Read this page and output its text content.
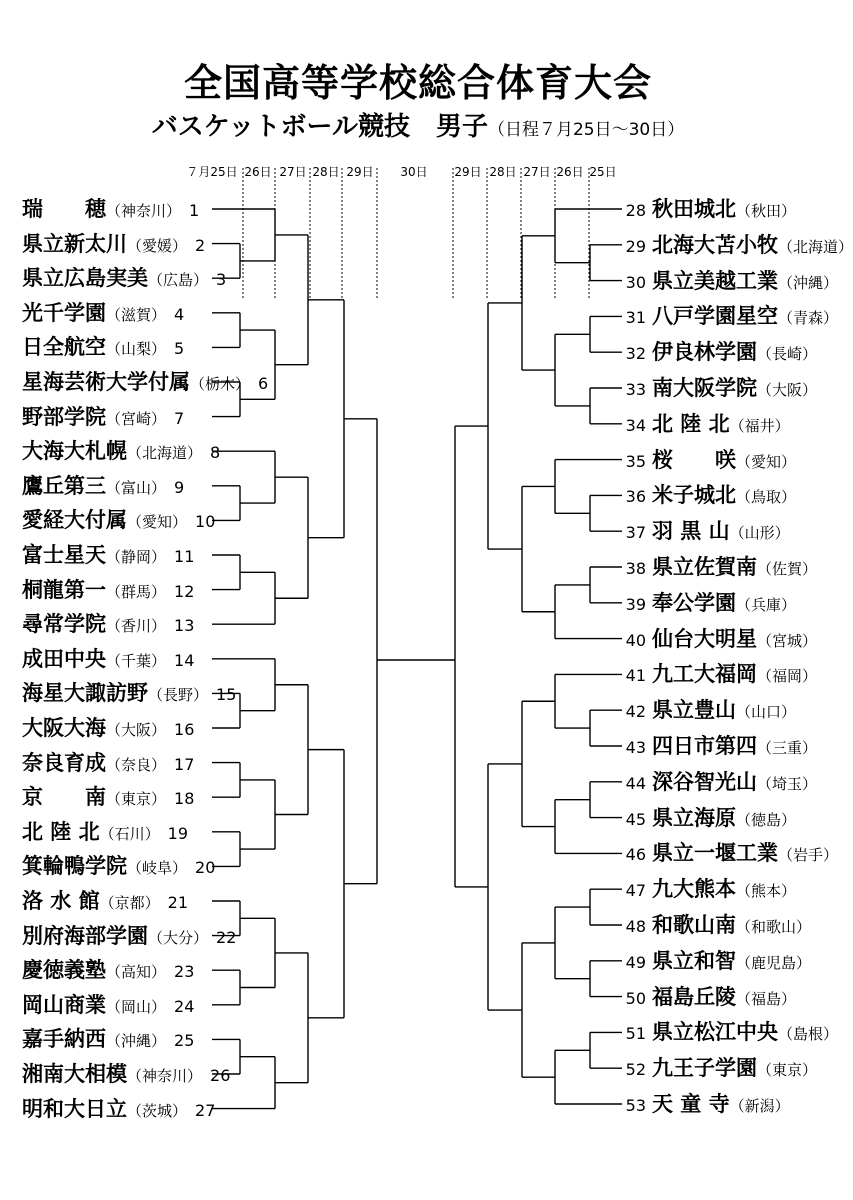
全国高等学校総合体育大会
バスケットボール競技　男子（日程７月25日～30日）
７月25日 26日 27日 28日 29日 30日 29日 28日 27日 26日 25日
瑞　　穂（神奈川） 1
県立新太川（愛媛） 2
県立広島実美（広島） 3
光千学園（滋賀） 4
日全航空（山梨） 5
星海芸術大学付属（栃木） 6
野部学院（宮崎） 7
大海大札幌（北海道） 8
鷹丘第三（富山） 9
愛経大付属（愛知） 10
富士星天（静岡） 11
桐龍第一（群馬） 12
尋常学院（香川） 13
成田中央（千葉） 14
海星大諏訪野（長野） 15
大阪大海（大阪） 16
奈良育成（奈良） 17
京　　南（東京） 18
北 陸 北（石川） 19
箕輪鴨学院（岐阜） 20
洛 水 館（京都） 21
別府海部学園（大分） 22
慶徳義塾（高知） 23
岡山商業（岡山） 24
嘉手納西（沖縄） 25
湘南大相模（神奈川） 26
明和大日立（茨城） 27
28 秋田城北（秋田）
29 北海大苫小牧（北海道）
30 県立美越工業（沖縄）
31 八戸学園星空（青森）
32 伊良林学園（長崎）
33 南大阪学院（大阪）
34 北 陸 北（福井）
35 桜　　咲（愛知）
36 米子城北（鳥取）
37 羽 黒 山（山形）
38 県立佐賀南（佐賀）
39 奉公学園（兵庫）
40 仙台大明星（宮城）
41 九工大福岡（福岡）
42 県立豊山（山口）
43 四日市第四（三重）
44 深谷智光山（埼玉）
45 県立海原（徳島）
46 県立一堰工業（岩手）
47 九大熊本（熊本）
48 和歌山南（和歌山）
49 県立和智（鹿児島）
50 福島丘陵（福島）
51 県立松江中央（島根）
52 九王子学園（東京）
53 天 童 寺（新潟）
